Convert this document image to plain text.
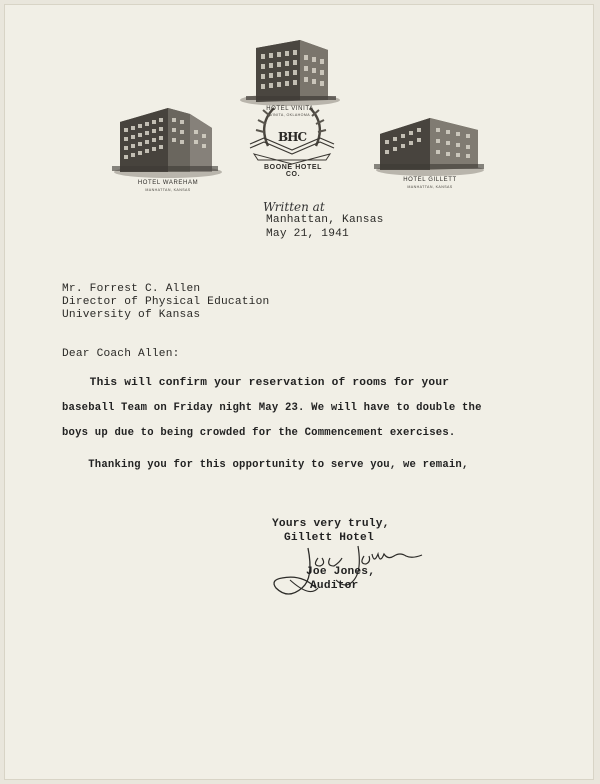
HOTEL WAREHAM
MANHATTAN, KANSAS
HOTEL VINITA
VINITA, OKLAHOMA
HOTEL GILLETT
MANHATTAN, KANSAS
BHC
BOONE HOTEL CO.
Written at
Manhattan, Kansas
May 21, 1941
Mr. Forrest C. Allen
Director of Physical Education
University of Kansas
Dear Coach Allen:
This will confirm your reservation of rooms for your
baseball Team on Friday night May 23. We will have to double the
boys up due to being crowded for the Commencement exercises.
Thanking you for this opportunity to serve you, we remain,
Yours very truly,
Gillett Hotel
Joe Jones,
Auditor
